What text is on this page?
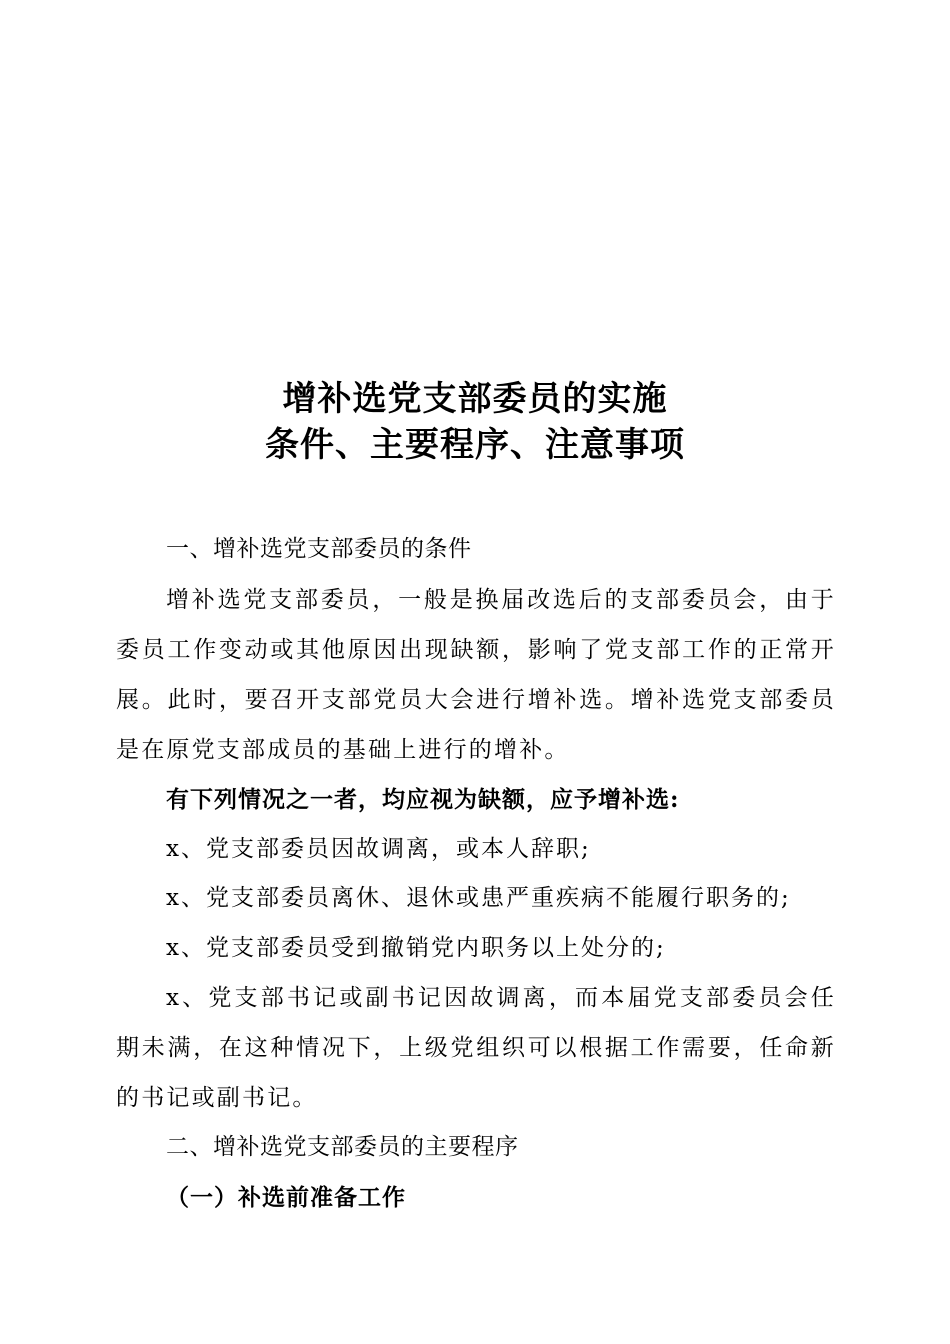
增补选党支部委员的实施
条件、主要程序、注意事项
一、增补选党支部委员的条件
增补选党支部委员，一般是换届改选后的支部委员会，由于委员工作变动或其他原因出现缺额，影响了党支部工作的正常开展。此时，要召开支部党员大会进行增补选。增补选党支部委员是在原党支部成员的基础上进行的增补。
有下列情况之一者，均应视为缺额，应予增补选:
x、党支部委员因故调离，或本人辞职;
x、党支部委员离休、退休或患严重疾病不能履行职务的;
x、党支部委员受到撤销党内职务以上处分的;
x、党支部书记或副书记因故调离，而本届党支部委员会任期未满，在这种情况下，上级党组织可以根据工作需要，任命新的书记或副书记。
二、增补选党支部委员的主要程序
（一）补选前准备工作
